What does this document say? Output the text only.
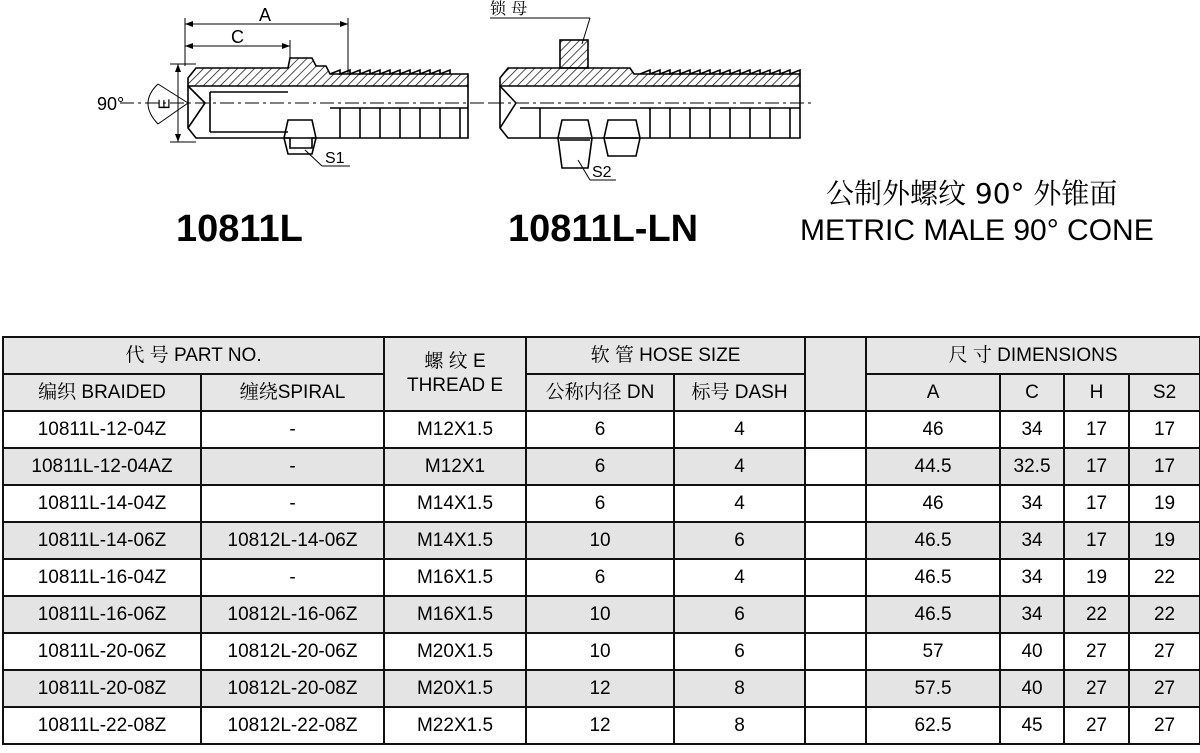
A
C
E
90°
S1
S2
锁 母
10811L	10811L-LN
公制外螺纹 90° 外锥面
METRIC MALE 90° CONE
代 号 PART NO.		螺 纹 E
THREAD E	软 管 HOSE SIZE			尺 寸 DIMENSIONS			
编织 BRAIDED	缠绕SPIRAL		公称内径 DN	标号 DASH		A	C	H	S2
10811L-12-04Z	-	M12X1.5	6	4		46	34	17	17
10811L-12-04AZ	-	M12X1	6	4		44.5	32.5	17	17
10811L-14-04Z	-	M14X1.5	6	4		46	34	17	19
10811L-14-06Z	10812L-14-06Z	M14X1.5	10	6		46.5	34	17	19
10811L-16-04Z	-	M16X1.5	6	4		46.5	34	19	22
10811L-16-06Z	10812L-16-06Z	M16X1.5	10	6		46.5	34	22	22
10811L-20-06Z	10812L-20-06Z	M20X1.5	10	6		57	40	27	27
10811L-20-08Z	10812L-20-08Z	M20X1.5	12	8		57.5	40	27	27
10811L-22-08Z	10812L-22-08Z	M22X1.5	12	8		62.5	45	27	27
